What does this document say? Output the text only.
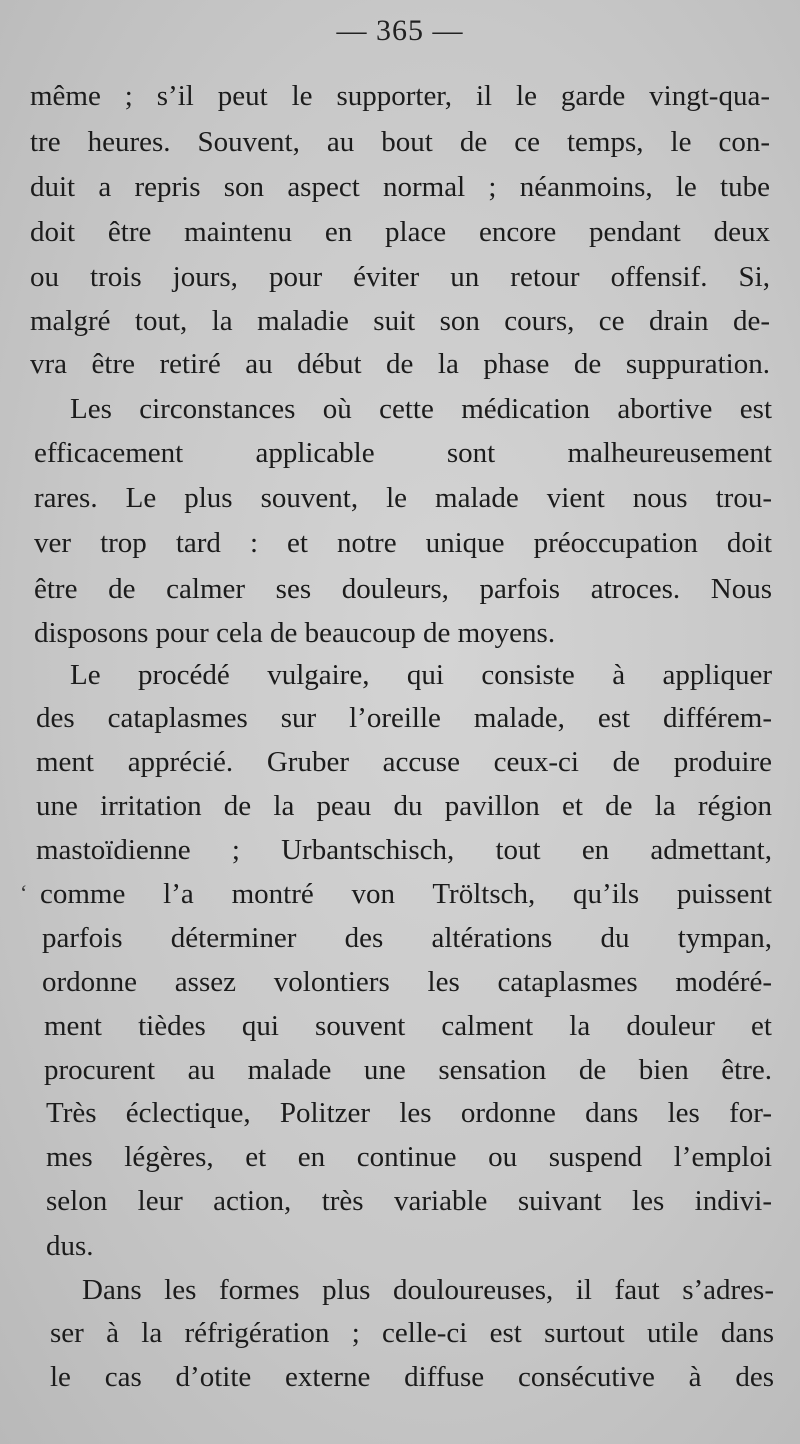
— 365 —
‘
même ; s’il peut le supporter, il le garde vingt-qua-
tre heures. Souvent, au bout de ce temps, le con-
duit a repris son aspect normal ; néanmoins, le tube
doit être maintenu en place encore pendant deux
ou trois jours, pour éviter un retour offensif. Si,
malgré tout, la maladie suit son cours, ce drain de-
vra être retiré au début de la phase de suppuration.
Les circonstances où cette médication abortive est
efficacement applicable sont malheureusement
rares. Le plus souvent, le malade vient nous trou-
ver trop tard : et notre unique préoccupation doit
être de calmer ses douleurs, parfois atroces. Nous
disposons pour cela de beaucoup de moyens.
Le procédé vulgaire, qui consiste à appliquer
des cataplasmes sur l’oreille malade, est différem-
ment apprécié. Gruber accuse ceux-ci de produire
une irritation de la peau du pavillon et de la région
mastoïdienne ; Urbantschisch, tout en admettant,
comme l’a montré von Tröltsch, qu’ils puissent
parfois déterminer des altérations du tympan,
ordonne assez volontiers les cataplasmes modéré-
ment tièdes qui souvent calment la douleur et
procurent au malade une sensation de bien être.
Très éclectique, Politzer les ordonne dans les for-
mes légères, et en continue ou suspend l’emploi
selon leur action, très variable suivant les indivi-
dus.
Dans les formes plus douloureuses, il faut s’adres-
ser à la réfrigération ; celle-ci est surtout utile dans
le cas d’otite externe diffuse consécutive à des
